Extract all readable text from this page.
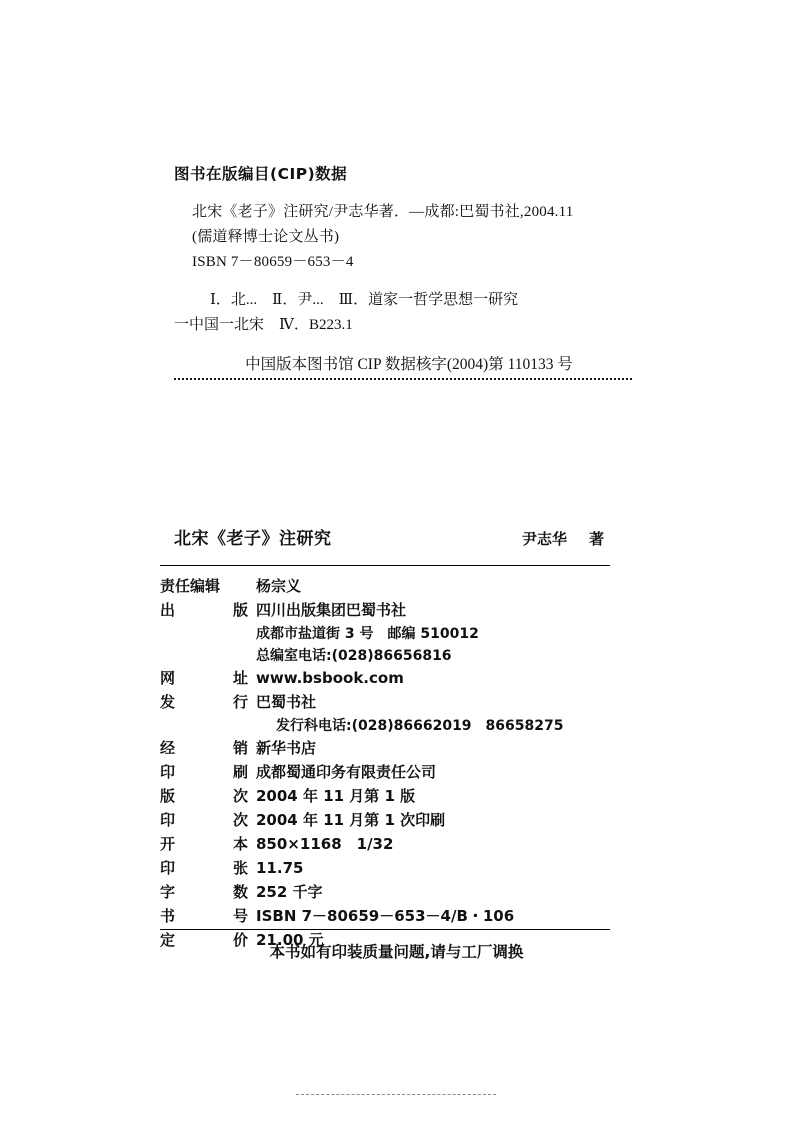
图书在版编目(CIP)数据
北宋《老子》注研究/尹志华著．—成都:巴蜀书社,2004.11
(儒道释博士论文丛书)
ISBN 7－80659－653－4
Ⅰ．北...　Ⅱ．尹...　Ⅲ．道家一哲学思想一研究
一中国一北宋　Ⅳ．B223.1
中国版本图书馆 CIP 数据核字(2004)第 110133 号
北宋《老子》注研究	尹志华 著
责任编辑	杨宗义
出	版 四川出版集团巴蜀书社
成都市盐道街 3 号　邮编 510012
总编室电话:(028)86656816
网	址 www.bsbook.com
发	行 巴蜀书社
发行科电话:(028)86662019　86658275
经	销 新华书店
印	刷 成都蜀通印务有限责任公司
版	次 2004 年 11 月第 1 版
印	次 2004 年 11 月第 1 次印刷
开	本 850×1168　1/32
印	张 11.75
字	数 252 千字
书	号 ISBN 7－80659－653－4/B・106
定	价 21.00 元
本书如有印装质量问题,请与工厂调换
